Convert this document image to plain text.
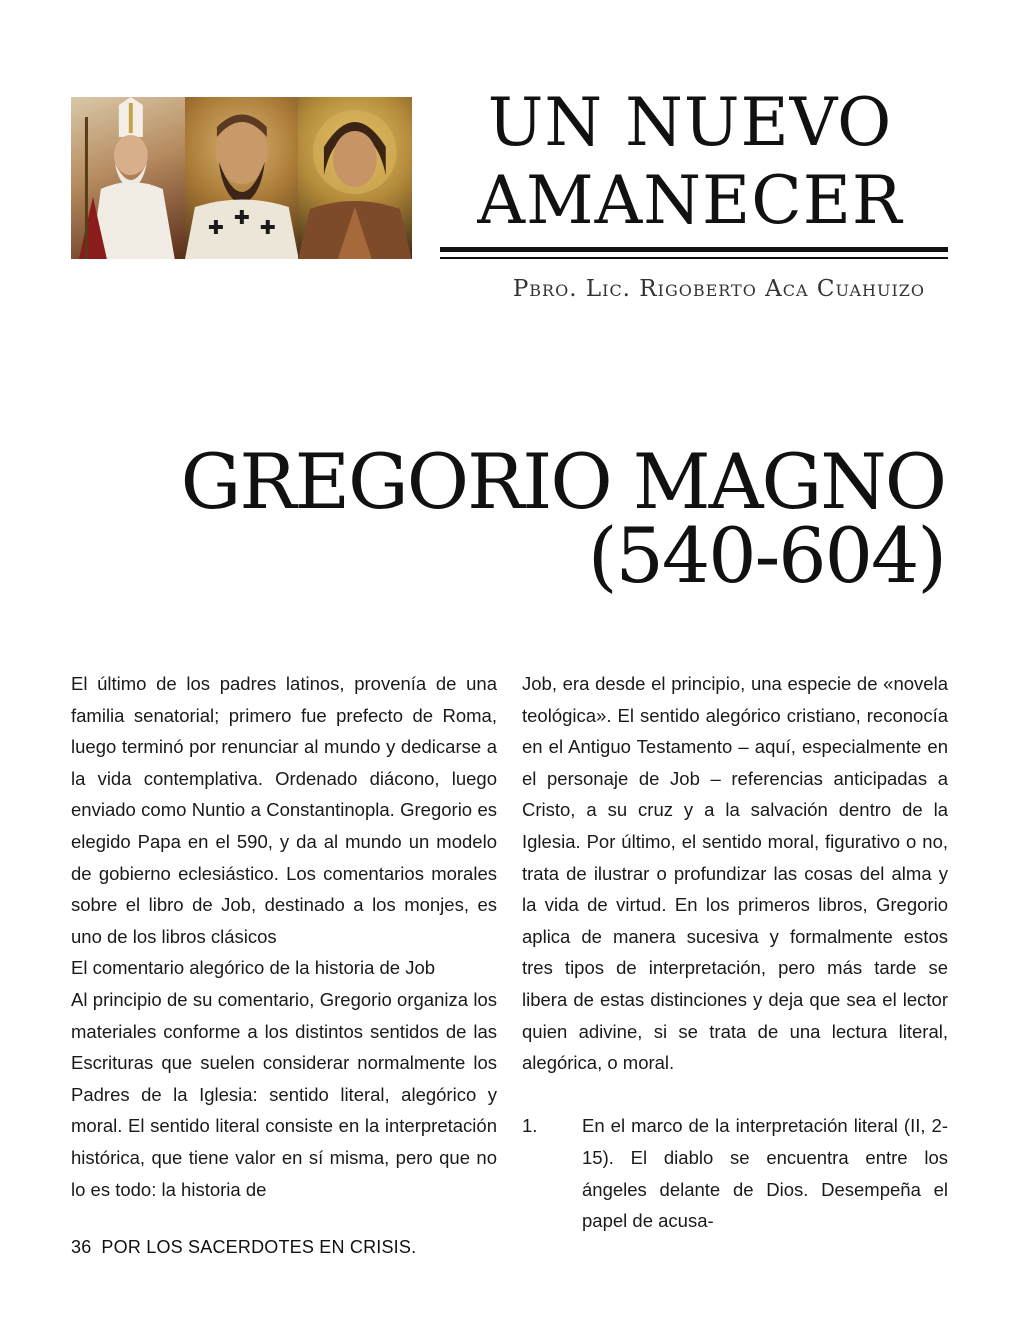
UN NUEVO
AMANECER
Pbro. Lic. Rigoberto Aca Cuahuizo
GREGORIO MAGNO
(540-604)

El último de los padres latinos, provenía de una familia senatorial; primero fue prefecto de Roma, luego terminó por renunciar al mundo y dedicarse a la vida contemplativa. Ordenado diácono, luego enviado como Nuntio a Constantinopla. Gregorio es elegido Papa en el 590, y da al mundo un modelo de gobierno eclesiástico. Los comentarios morales sobre el libro de Job, destinado a los monjes, es uno de los libros clásicos

El comentario alegórico de la historia de Job

Al principio de su comentario, Gregorio organiza los materiales conforme a los distintos sentidos de las Escrituras que suelen considerar normalmente los Padres de la Iglesia: sentido literal, alegórico y moral. El sentido literal consiste en la interpretación histórica, que tiene valor en sí misma, pero que no lo es todo: la historia de

Job, era desde el principio, una especie de «novela teológica». El sentido alegórico cristiano, reconocía en el Antiguo Testamento – aquí, especialmente en el personaje de Job – referencias anticipadas a Cristo, a su cruz y a la salvación dentro de la Iglesia. Por último, el sentido moral, figurativo o no, trata de ilustrar o profundizar las cosas del alma y la vida de virtud. En los primeros libros, Gregorio aplica de manera sucesiva y formalmente estos tres tipos de interpretación, pero más tarde se libera de estas distinciones y deja que sea el lector quien adivine, si se trata de una lectura literal, alegórica, o moral.

1.	En el marco de la interpretación literal (II, 2-15). El diablo se encuentra entre los ángeles delante de Dios. Desempeña el papel de acusa-

36 POR LOS SACERDOTES EN CRISIS.
